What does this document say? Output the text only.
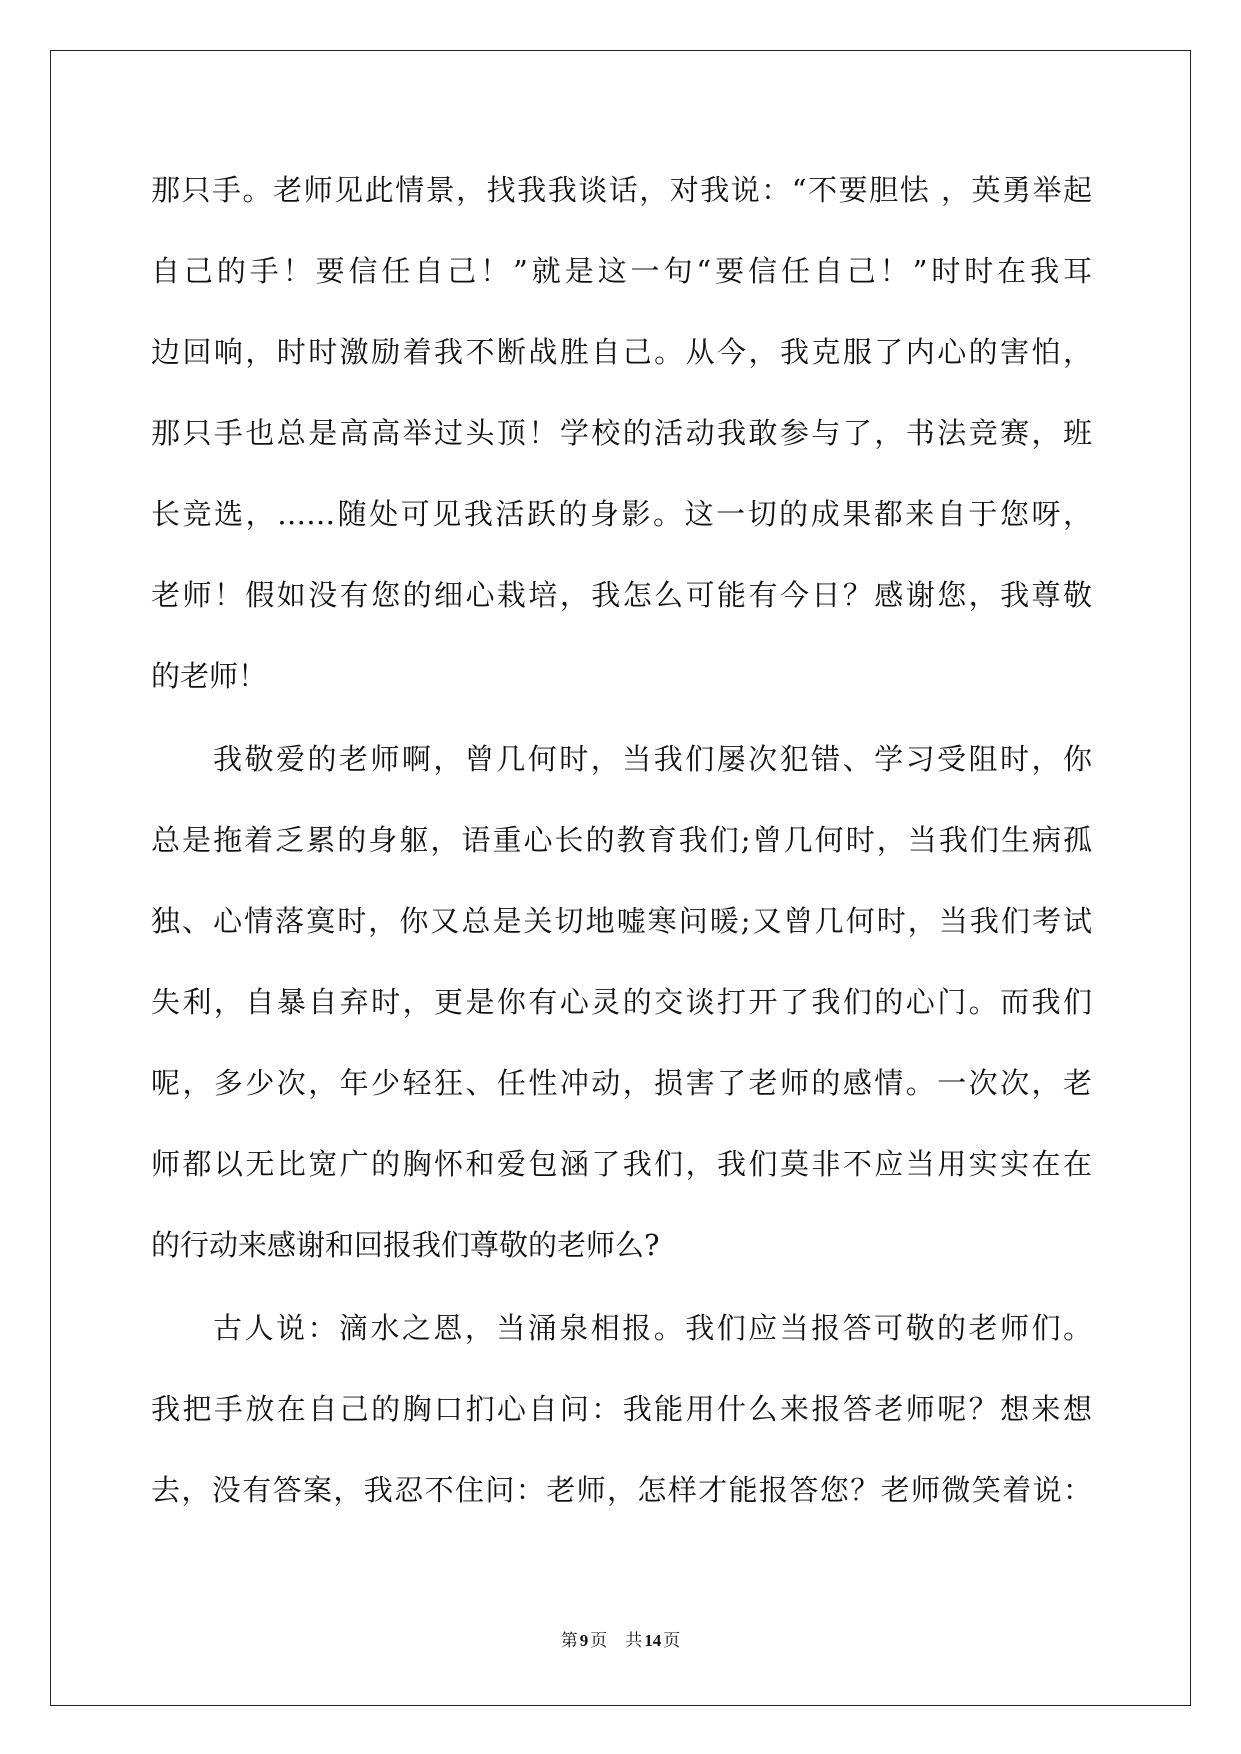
那只手。老师见此情景，找我我谈话，对我说：“不要胆怯 ，英勇举起
自己的手！要信任自己！”就是这一句“要信任自己！”时时在我耳
边回响，时时激励着我不断战胜自己。从今，我克服了内心的害怕，
那只手也总是高高举过头顶！学校的活动我敢参与了，书法竞赛，班
长竞选，……随处可见我活跃的身影。这一切的成果都来自于您呀，
老师！假如没有您的细心栽培，我怎么可能有今日？感谢您，我尊敬
的老师！
我敬爱的老师啊，曾几何时，当我们屡次犯错、学习受阻时，你
总是拖着乏累的身躯，语重心长的教育我们;曾几何时，当我们生病孤
独、心情落寞时，你又总是关切地嘘寒问暖;又曾几何时，当我们考试
失利，自暴自弃时，更是你有心灵的交谈打开了我们的心门。而我们
呢，多少次，年少轻狂、任性冲动，损害了老师的感情。一次次，老
师都以无比宽广的胸怀和爱包涵了我们，我们莫非不应当用实实在在
的行动来感谢和回报我们尊敬的老师么?
古人说：滴水之恩，当涌泉相报。我们应当报答可敬的老师们。
我把手放在自己的胸口扪心自问：我能用什么来报答老师呢？想来想
去，没有答案，我忍不住问：老师，怎样才能报答您？老师微笑着说：
第 9 页 共 14 页
